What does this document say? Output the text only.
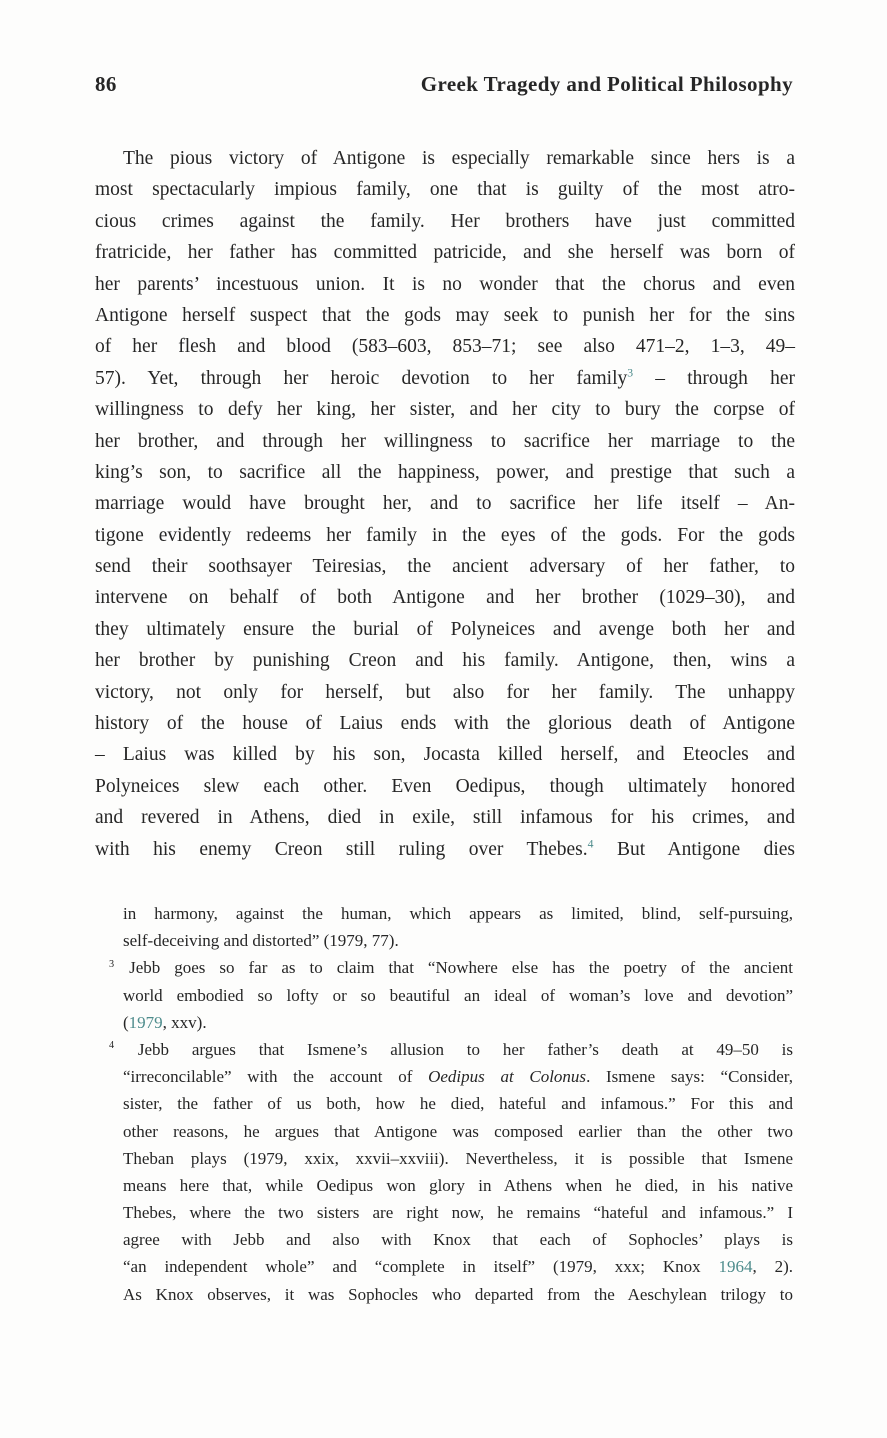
86	Greek Tragedy and Political Philosophy
The pious victory of Antigone is especially remarkable since hers is a
most spectacularly impious family, one that is guilty of the most atro-
cious crimes against the family. Her brothers have just committed
fratricide, her father has committed patricide, and she herself was born of
her parents’ incestuous union. It is no wonder that the chorus and even
Antigone herself suspect that the gods may seek to punish her for the sins
of her flesh and blood (583–603, 853–71; see also 471–2, 1–3, 49–
57). Yet, through her heroic devotion to her family$^3$ – through her
willingness to defy her king, her sister, and her city to bury the corpse of
her brother, and through her willingness to sacrifice her marriage to the
king’s son, to sacrifice all the happiness, power, and prestige that such a
marriage would have brought her, and to sacrifice her life itself – An-
tigone evidently redeems her family in the eyes of the gods. For the gods
send their soothsayer Teiresias, the ancient adversary of her father, to
intervene on behalf of both Antigone and her brother (1029–30), and
they ultimately ensure the burial of Polyneices and avenge both her and
her brother by punishing Creon and his family. Antigone, then, wins a
victory, not only for herself, but also for her family. The unhappy
history of the house of Laius ends with the glorious death of Antigone
– Laius was killed by his son, Jocasta killed herself, and Eteocles and
Polyneices slew each other. Even Oedipus, though ultimately honored
and revered in Athens, died in exile, still infamous for his crimes, and
with his enemy Creon still ruling over Thebes.$^4$ But Antigone dies
in harmony, against the human, which appears as limited, blind, self-pursuing,
self-deceiving and distorted” (1979, 77).
$^3$ Jebb goes so far as to claim that “Nowhere else has the poetry of the ancient
world embodied so lofty or so beautiful an ideal of woman’s love and devotion”
(1979, xxv).
$^4$ Jebb argues that Ismene’s allusion to her father’s death at 49–50 is
“irreconcilable” with the account of Oedipus at Colonus. Ismene says: “Consider,
sister, the father of us both, how he died, hateful and infamous.” For this and
other reasons, he argues that Antigone was composed earlier than the other two
Theban plays (1979, xxix, xxvii–xxviii). Nevertheless, it is possible that Ismene
means here that, while Oedipus won glory in Athens when he died, in his native
Thebes, where the two sisters are right now, he remains “hateful and infamous.” I
agree with Jebb and also with Knox that each of Sophocles’ plays is
“an independent whole” and “complete in itself” (1979, xxx; Knox 1964, 2).
As Knox observes, it was Sophocles who departed from the Aeschylean trilogy to
